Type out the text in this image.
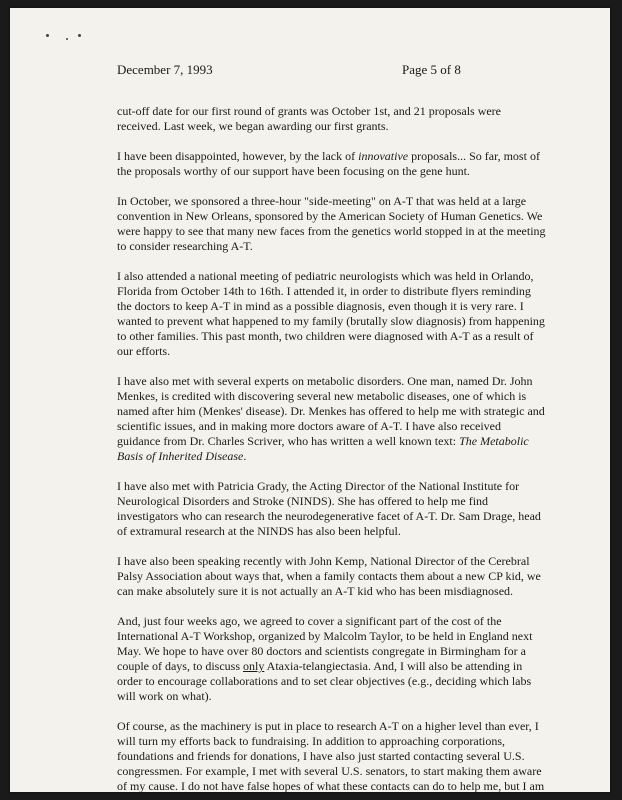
December 7, 1993	Page 5 of 8

cut-off date for our first round of grants was October 1st, and 21 proposals were received. Last week, we began awarding our first grants.

I have been disappointed, however, by the lack of innovative proposals... So far, most of the proposals worthy of our support have been focusing on the gene hunt.

In October, we sponsored a three-hour "side-meeting" on A-T that was held at a large convention in New Orleans, sponsored by the American Society of Human Genetics. We were happy to see that many new faces from the genetics world stopped in at the meeting to consider researching A-T.

I also attended a national meeting of pediatric neurologists which was held in Orlando, Florida from October 14th to 16th. I attended it, in order to distribute flyers reminding the doctors to keep A-T in mind as a possible diagnosis, even though it is very rare. I wanted to prevent what happened to my family (brutally slow diagnosis) from happening to other families. This past month, two children were diagnosed with A-T as a result of our efforts.

I have also met with several experts on metabolic disorders. One man, named Dr. John Menkes, is credited with discovering several new metabolic diseases, one of which is named after him (Menkes' disease). Dr. Menkes has offered to help me with strategic and scientific issues, and in making more doctors aware of A-T. I have also received guidance from Dr. Charles Scriver, who has written a well known text: The Metabolic Basis of Inherited Disease.

I have also met with Patricia Grady, the Acting Director of the National Institute for Neurological Disorders and Stroke (NINDS). She has offered to help me find investigators who can research the neurodegenerative facet of A-T. Dr. Sam Drage, head of extramural research at the NINDS has also been helpful.

I have also been speaking recently with John Kemp, National Director of the Cerebral Palsy Association about ways that, when a family contacts them about a new CP kid, we can make absolutely sure it is not actually an A-T kid who has been misdiagnosed.

And, just four weeks ago, we agreed to cover a significant part of the cost of the International A-T Workshop, organized by Malcolm Taylor, to be held in England next May. We hope to have over 80 doctors and scientists congregate in Birmingham for a couple of days, to discuss only Ataxia-telangiectasia. And, I will also be attending in order to encourage collaborations and to set clear objectives (e.g., deciding which labs will work on what).

Of course, as the machinery is put in place to research A-T on a higher level than ever, I will turn my efforts back to fundraising. In addition to approaching corporations, foundations and friends for donations, I have also just started contacting several U.S. congressmen. For example, I met with several U.S. senators, to start making them aware of my cause. I do not have false hopes of what these contacts can do to help me, but I am
